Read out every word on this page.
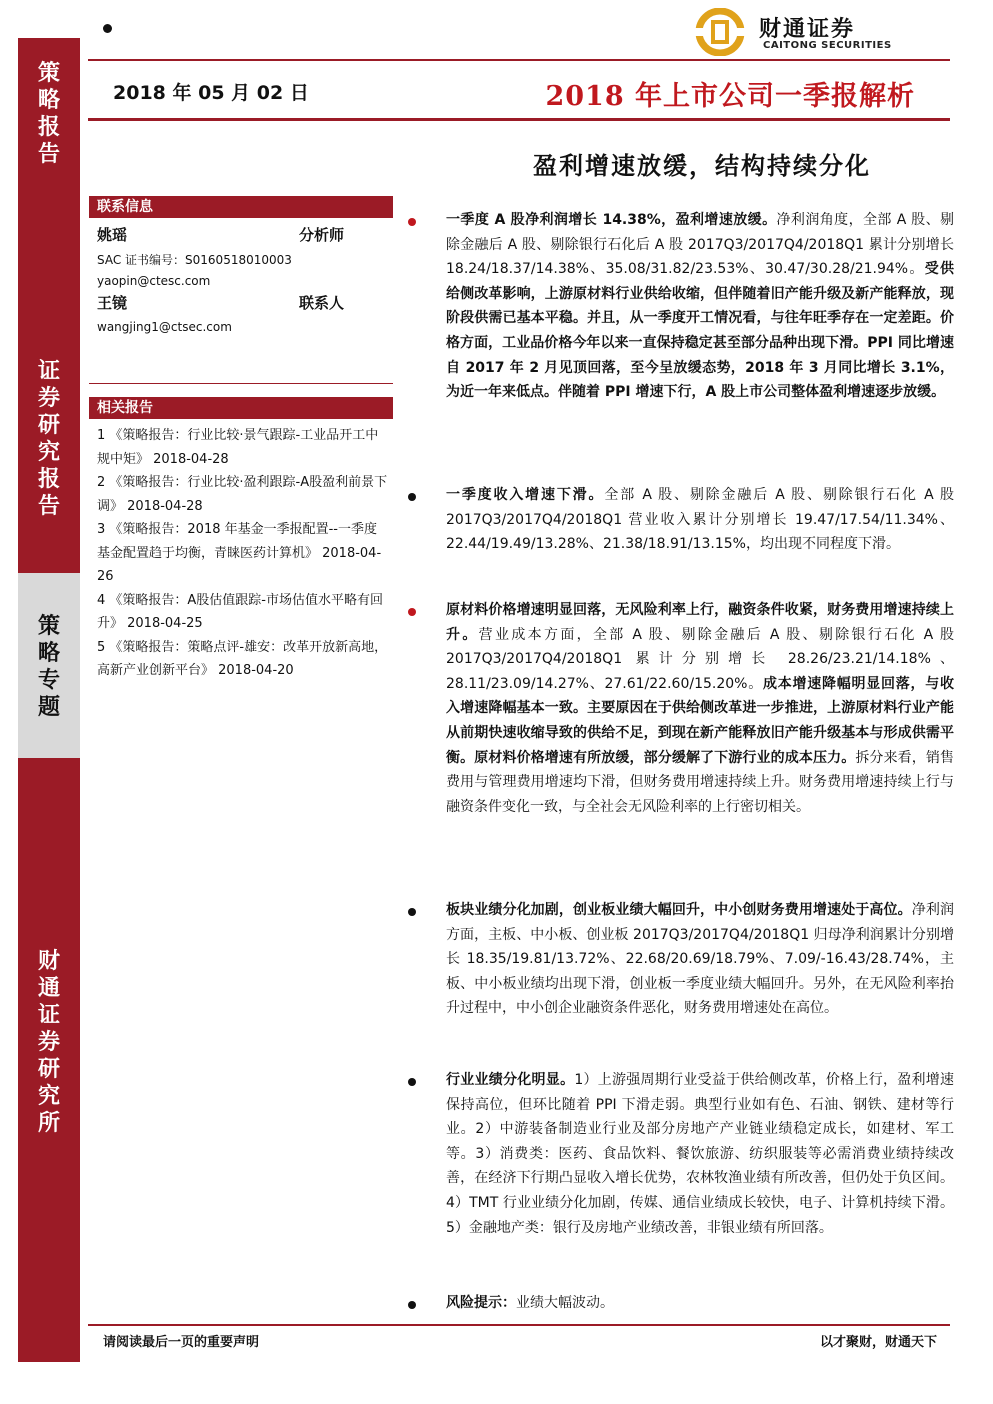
策
略
报
告
证
券
研
究
报
告
策
略
专
题
财
通
证
券
研
究
所
财通证券
CAITONG SECURITIES
2018 年 05 月 02 日	2018 年上市公司一季报解析
盈利增速放缓，结构持续分化
联系信息
姚瑶	分析师
SAC 证书编号：S0160518010003
yaopin@ctesc.com
王镜	联系人
wangjing1@ctsec.com
相关报告
1 《策略报告：行业比较·景气跟踪-工业品开工中规中矩》 2018-04-28
2 《策略报告：行业比较·盈利跟踪-A股盈利前景下调》 2018-04-28
3 《策略报告：2018 年基金一季报配置--一季度基金配置趋于均衡，青睐医药计算机》 2018-04-26
4 《策略报告：A股估值跟踪-市场估值水平略有回升》 2018-04-25
5 《策略报告：策略点评-雄安：改革开放新高地，高新产业创新平台》 2018-04-20
一季度 A 股净利润增长 14.38%，盈利增速放缓。净利润角度，全部 A 股、剔除金融后 A 股、剔除银行石化后 A 股 2017Q3/2017Q4/2018Q1 累计分别增长 18.24/18.37/14.38%、35.08/31.82/23.53%、30.47/30.28/21.94%。受供给侧改革影响，上游原材料行业供给收缩，但伴随着旧产能升级及新产能释放，现阶段供需已基本平稳。并且，从一季度开工情况看，与往年旺季存在一定差距。价格方面，工业品价格今年以来一直保持稳定甚至部分品种出现下滑。PPI 同比增速自 2017 年 2 月见顶回落，至今呈放缓态势，2018 年 3 月同比增长 3.1%，为近一年来低点。伴随着 PPI 增速下行，A 股上市公司整体盈利增速逐步放缓。
一季度收入增速下滑。全部 A 股、剔除金融后 A 股、剔除银行石化 A 股 2017Q3/2017Q4/2018Q1 营业收入累计分别增长 19.47/17.54/11.34%、22.44/19.49/13.28%、21.38/18.91/13.15%，均出现不同程度下滑。
原材料价格增速明显回落，无风险利率上行，融资条件收紧，财务费用增速持续上升。营业成本方面，全部 A 股、剔除金融后 A 股、剔除银行石化 A 股 2017Q3/2017Q4/2018Q1 累计分别增长 28.26/23.21/14.18%、28.11/23.09/14.27%、27.61/22.60/15.20%。成本增速降幅明显回落，与收入增速降幅基本一致。主要原因在于供给侧改革进一步推进，上游原材料行业产能从前期快速收缩导致的供给不足，到现在新产能释放旧产能升级基本与形成供需平衡。原材料价格增速有所放缓，部分缓解了下游行业的成本压力。拆分来看，销售费用与管理费用增速均下滑，但财务费用增速持续上升。财务费用增速持续上行与融资条件变化一致，与全社会无风险利率的上行密切相关。
板块业绩分化加剧，创业板业绩大幅回升，中小创财务费用增速处于高位。净利润方面，主板、中小板、创业板 2017Q3/2017Q4/2018Q1 归母净利润累计分别增长 18.35/19.81/13.72%、22.68/20.69/18.79%、7.09/-16.43/28.74%，主板、中小板业绩均出现下滑，创业板一季度业绩大幅回升。另外，在无风险利率抬升过程中，中小创企业融资条件恶化，财务费用增速处在高位。
行业业绩分化明显。1）上游强周期行业受益于供给侧改革，价格上行，盈利增速保持高位，但环比随着 PPI 下滑走弱。典型行业如有色、石油、钢铁、建材等行业。2）中游装备制造业行业及部分房地产产业链业绩稳定成长，如建材、军工等。3）消费类：医药、食品饮料、餐饮旅游、纺织服装等必需消费业绩持续改善，在经济下行期凸显收入增长优势，农林牧渔业绩有所改善，但仍处于负区间。4）TMT 行业业绩分化加剧，传媒、通信业绩成长较快，电子、计算机持续下滑。5）金融地产类：银行及房地产业绩改善，非银业绩有所回落。
风险提示：业绩大幅波动。
请阅读最后一页的重要声明	以才聚财，财通天下
